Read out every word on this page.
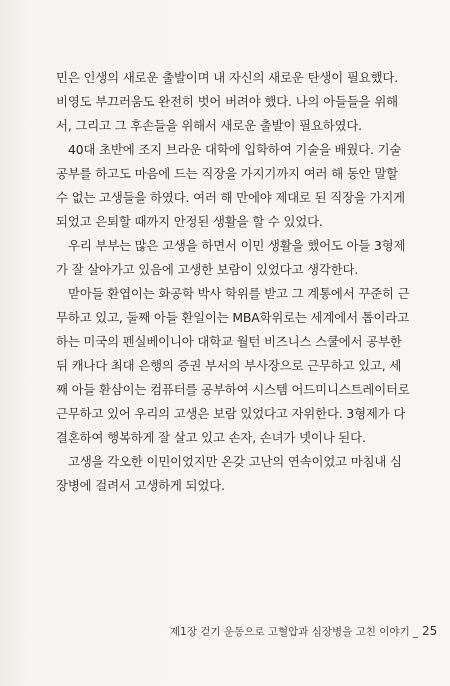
민은 인생의 새로운 출발이며 내 자신의 새로운 탄생이 필요했다.
비영도 부끄러움도 완전히 벗어 버려야 했다. 나의 아들들을 위해
서, 그리고 그 후손들을 위해서 새로운 출발이 필요하였다.
40대 초반에 조지 브라운 대학에 입학하여 기술을 배웠다. 기술
공부를 하고도 마음에 드는 직장을 가지기까지 여러 해 동안 말할
수 없는 고생들을 하였다. 여러 해 만에야 제대로 된 직장을 가지게
되었고 은퇴할 때까지 안정된 생활을 할 수 있었다.
우리 부부는 많은 고생을 하면서 이민 생활을 했어도 아들 3형제
가 잘 살아가고 있음에 고생한 보람이 있었다고 생각한다.
맏아들 환엽이는 화공학 박사 학위를 받고 그 계통에서 꾸준히 근
무하고 있고, 둘째 아들 환일이는 MBA학위로는 세계에서 톱이라고
하는 미국의 펜실베이니아 대학교 월턴 비즈니스 스쿨에서 공부한
뒤 캐나다 최대 은행의 증권 부서의 부사장으로 근무하고 있고, 세
째 아들 환삼이는 컴퓨터를 공부하여 시스템 어드미니스트레이터로
근무하고 있어 우리의 고생은 보람 있었다고 자위한다. 3형제가 다
결혼하여 행복하게 잘 살고 있고 손자, 손녀가 넷이나 된다.
고생을 각오한 이민이었지만 온갖 고난의 연속이었고 마침내 심
장병에 걸려서 고생하게 되었다.
제1장 걷기 운동으로 고혈압과 심장병을 고친 이야기 _ 25
